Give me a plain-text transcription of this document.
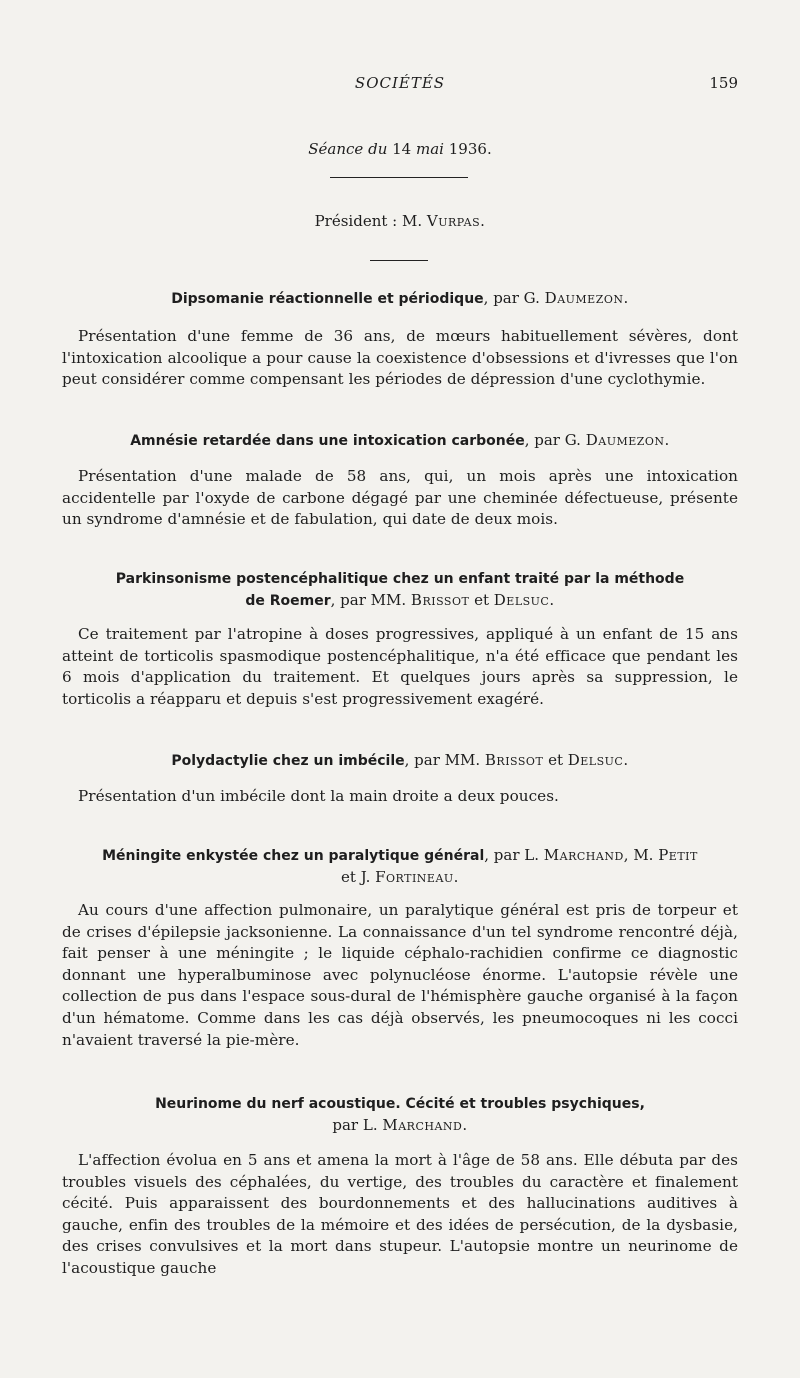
SOCIÉTÉS	159
Séance du 14 mai 1936.
Président : M. Vurpas.
Dipsomanie réactionnelle et périodique, par G. Daumezon.
Présentation d'une femme de 36 ans, de mœurs habituellement sévères, dont l'intoxication alcoolique a pour cause la coexistence d'obsessions et d'ivresses que l'on peut considérer comme compensant les périodes de dépression d'une cyclothymie.
Amnésie retardée dans une intoxication carbonée, par G. Daumezon.
Présentation d'une malade de 58 ans, qui, un mois après une intoxication accidentelle par l'oxyde de carbone dégagé par une cheminée défectueuse, présente un syndrome d'amnésie et de fabulation, qui date de deux mois.
Parkinsonisme postencéphalitique chez un enfant traité par la méthode
de Roemer, par MM. Brissot et Delsuc.
Ce traitement par l'atropine à doses progressives, appliqué à un enfant de 15 ans atteint de torticolis spasmodique postencéphalitique, n'a été efficace que pendant les 6 mois d'application du traitement. Et quelques jours après sa suppression, le torticolis a réapparu et depuis s'est progressivement exagéré.
Polydactylie chez un imbécile, par MM. Brissot et Delsuc.
Présentation d'un imbécile dont la main droite a deux pouces.
Méningite enkystée chez un paralytique général, par L. Marchand, M. Petit
et J. Fortineau.
Au cours d'une affection pulmonaire, un paralytique général est pris de torpeur et de crises d'épilepsie jacksonienne. La connaissance d'un tel syndrome rencontré déjà, fait penser à une méningite ; le liquide céphalo-rachidien confirme ce diagnostic donnant une hyperalbuminose avec polynucléose énorme. L'autopsie révèle une collection de pus dans l'espace sous-dural de l'hémisphère gauche organisé à la façon d'un hématome. Comme dans les cas déjà observés, les pneumocoques ni les cocci n'avaient traversé la pie-mère.
Neurinome du nerf acoustique. Cécité et troubles psychiques,
par L. Marchand.
L'affection évolua en 5 ans et amena la mort à l'âge de 58 ans. Elle débuta par des troubles visuels des céphalées, du vertige, des troubles du caractère et finalement cécité. Puis apparaissent des bourdonnements et des hallucinations auditives à gauche, enfin des troubles de la mémoire et des idées de persécution, de la dysbasie, des crises convulsives et la mort dans stupeur. L'autopsie montre un neurinome de l'acoustique gauche
